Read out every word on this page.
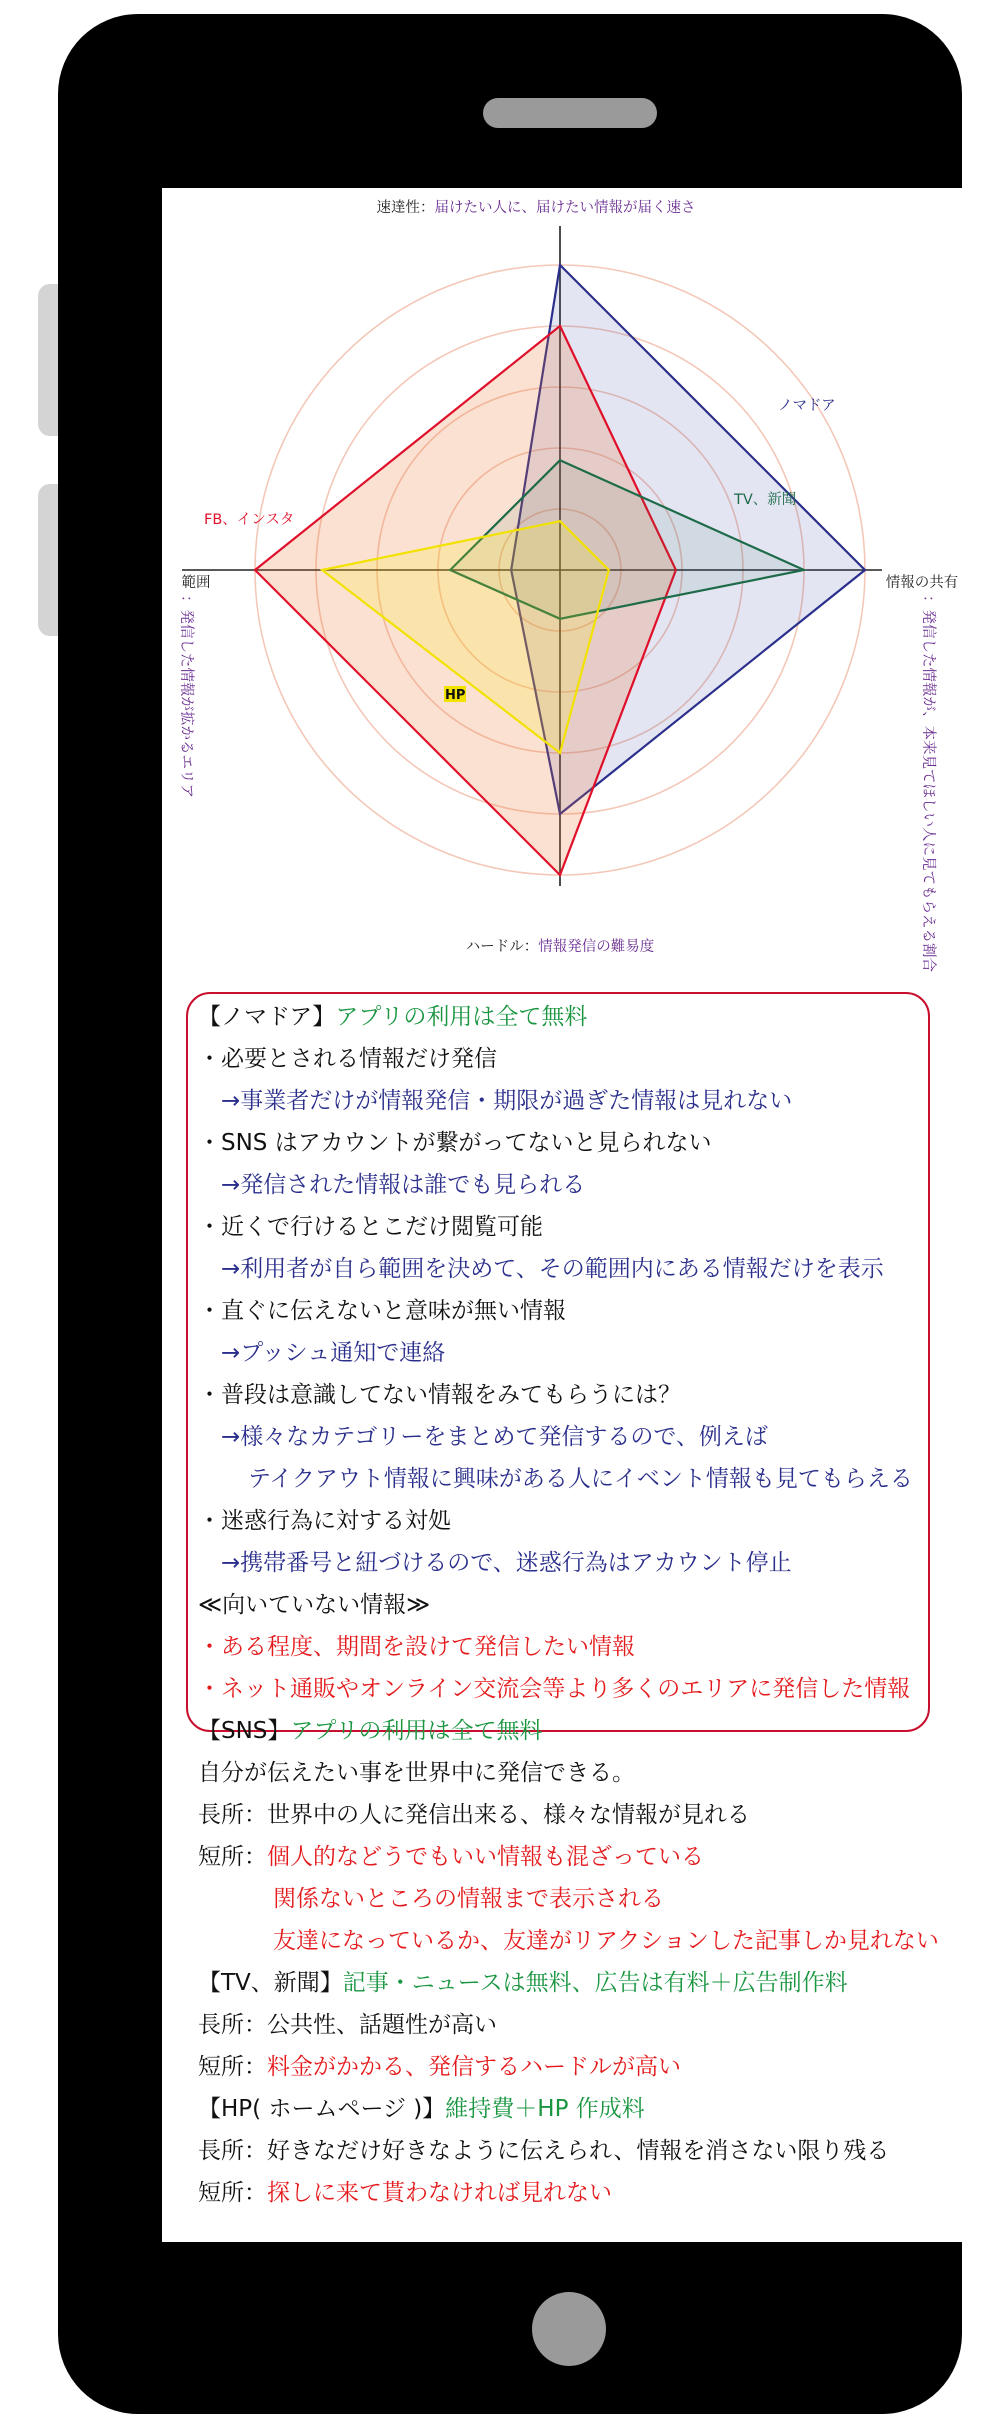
速達性：届けたい人に、届けたい情報が届く速さ
情報の共有
：発信した情報が、本来見てほしい人に見てもらえる割合
ハードル：情報発信の難易度
範囲
：発信した情報が拡かるエリア
ノマドア
FB、インスタ
TV、新聞
HP
【ノマドア】アプリの利用は全て無料
・必要とされる情報だけ発信
→事業者だけが情報発信・期限が過ぎた情報は見れない
・SNS はアカウントが繋がってないと見られない
→発信された情報は誰でも見られる
・近くで行けるとこだけ閲覧可能
→利用者が自ら範囲を決めて、その範囲内にある情報だけを表示
・直ぐに伝えないと意味が無い情報
→プッシュ通知で連絡
・普段は意識してない情報をみてもらうには？
→様々なカテゴリーをまとめて発信するので、例えば
テイクアウト情報に興味がある人にイベント情報も見てもらえる
・迷惑行為に対する対処
→携帯番号と紐づけるので、迷惑行為はアカウント停止
≪向いていない情報≫
・ある程度、期間を設けて発信したい情報
・ネット通販やオンライン交流会等より多くのエリアに発信した情報
【SNS】アプリの利用は全て無料
自分が伝えたい事を世界中に発信できる。
長所：世界中の人に発信出来る、様々な情報が見れる
短所：個人的などうでもいい情報も混ざっている
関係ないところの情報まで表示される
友達になっているか、友達がリアクションした記事しか見れない
【TV、新聞】記事・ニュースは無料、広告は有料＋広告制作料
長所：公共性、話題性が高い
短所：料金がかかる、発信するハードルが高い
【HP( ホームページ )】維持費＋HP 作成料
長所：好きなだけ好きなように伝えられ、情報を消さない限り残る
短所：探しに来て貰わなければ見れない
